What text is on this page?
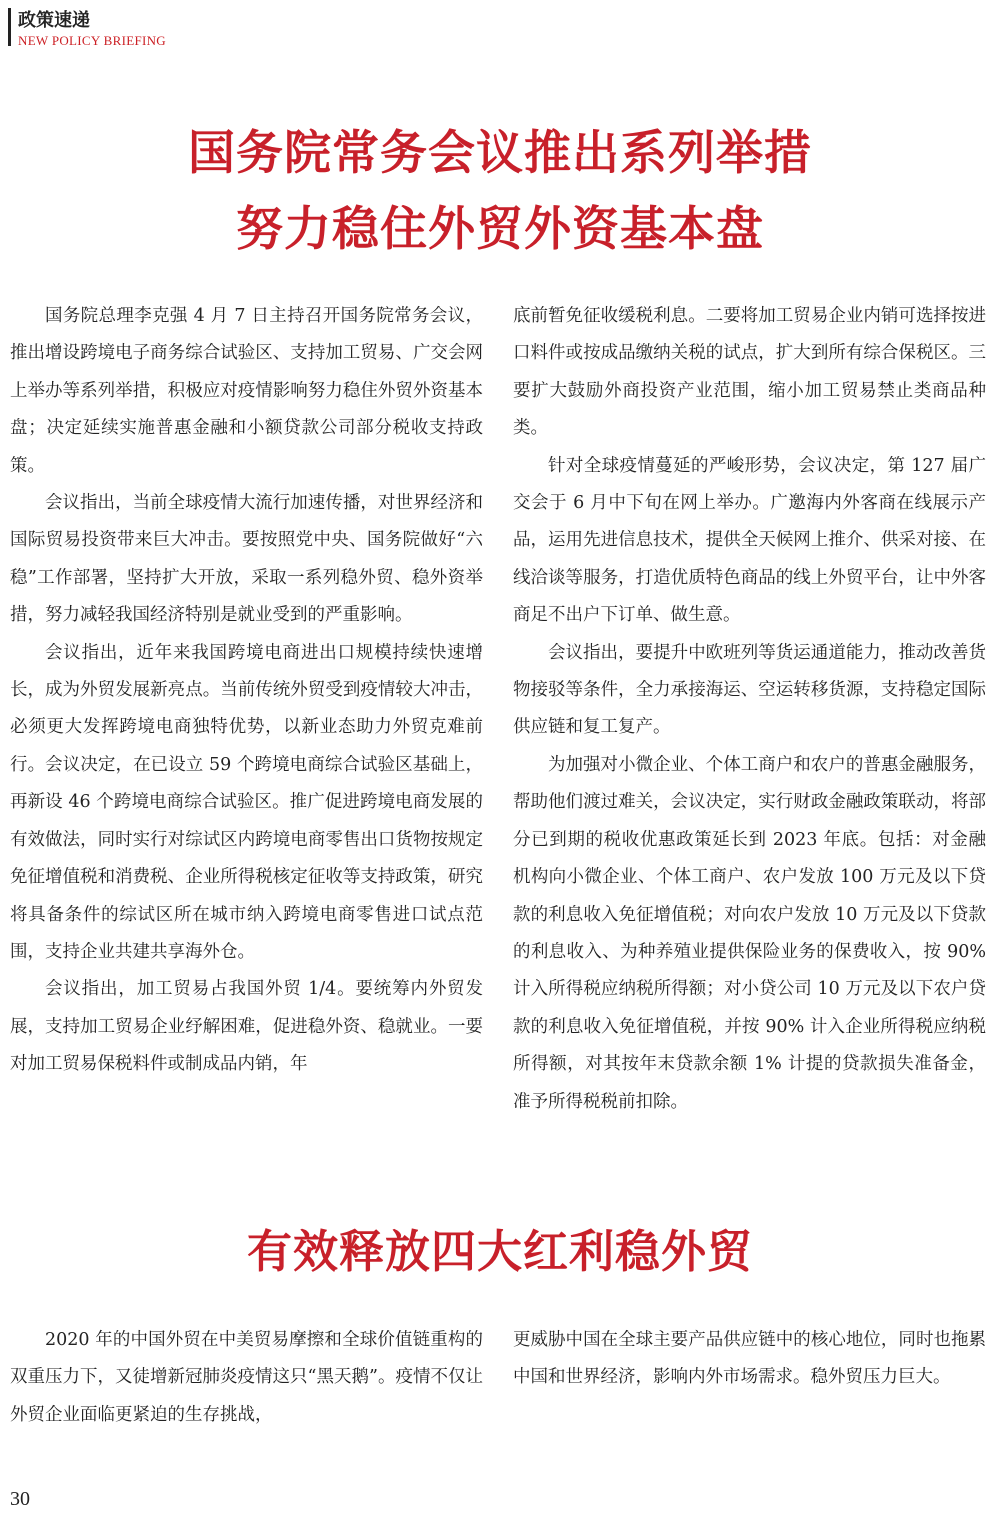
政策速递
NEW POLICY BRIEFING
国务院常务会议推出系列举措
努力稳住外贸外资基本盘

国务院总理李克强 4 月 7 日主持召开国务院常务会议，推出增设跨境电子商务综合试验区、支持加工贸易、广交会网上举办等系列举措，积极应对疫情影响努力稳住外贸外资基本盘；决定延续实施普惠金融和小额贷款公司部分税收支持政策。

会议指出，当前全球疫情大流行加速传播，对世界经济和国际贸易投资带来巨大冲击。要按照党中央、国务院做好“六稳”工作部署，坚持扩大开放，采取一系列稳外贸、稳外资举措，努力减轻我国经济特别是就业受到的严重影响。

会议指出，近年来我国跨境电商进出口规模持续快速增长，成为外贸发展新亮点。当前传统外贸受到疫情较大冲击，必须更大发挥跨境电商独特优势，以新业态助力外贸克难前行。会议决定，在已设立 59 个跨境电商综合试验区基础上，再新设 46 个跨境电商综合试验区。推广促进跨境电商发展的有效做法，同时实行对综试区内跨境电商零售出口货物按规定免征增值税和消费税、企业所得税核定征收等支持政策，研究将具备条件的综试区所在城市纳入跨境电商零售进口试点范围，支持企业共建共享海外仓。

会议指出，加工贸易占我国外贸 1/4。要统筹内外贸发展，支持加工贸易企业纾解困难，促进稳外资、稳就业。一要对加工贸易保税料件或制成品内销，年

底前暂免征收缓税利息。二要将加工贸易企业内销可选择按进口料件或按成品缴纳关税的试点，扩大到所有综合保税区。三要扩大鼓励外商投资产业范围，缩小加工贸易禁止类商品种类。

针对全球疫情蔓延的严峻形势，会议决定，第 127 届广交会于 6 月中下旬在网上举办。广邀海内外客商在线展示产品，运用先进信息技术，提供全天候网上推介、供采对接、在线洽谈等服务，打造优质特色商品的线上外贸平台，让中外客商足不出户下订单、做生意。

会议指出，要提升中欧班列等货运通道能力，推动改善货物接驳等条件，全力承接海运、空运转移货源，支持稳定国际供应链和复工复产。

为加强对小微企业、个体工商户和农户的普惠金融服务，帮助他们渡过难关，会议决定，实行财政金融政策联动，将部分已到期的税收优惠政策延长到 2023 年底。包括：对金融机构向小微企业、个体工商户、农户发放 100 万元及以下贷款的利息收入免征增值税；对向农户发放 10 万元及以下贷款的利息收入、为种养殖业提供保险业务的保费收入，按 90% 计入所得税应纳税所得额；对小贷公司 10 万元及以下农户贷款的利息收入免征增值税，并按 90% 计入企业所得税应纳税所得额，对其按年末贷款余额 1% 计提的贷款损失准备金，准予所得税税前扣除。

有效释放四大红利稳外贸

2020 年的中国外贸在中美贸易摩擦和全球价值链重构的双重压力下，又徒增新冠肺炎疫情这只“黑天鹅”。疫情不仅让外贸企业面临更紧迫的生存挑战，

更威胁中国在全球主要产品供应链中的核心地位，同时也拖累中国和世界经济，影响内外市场需求。稳外贸压力巨大。

30
